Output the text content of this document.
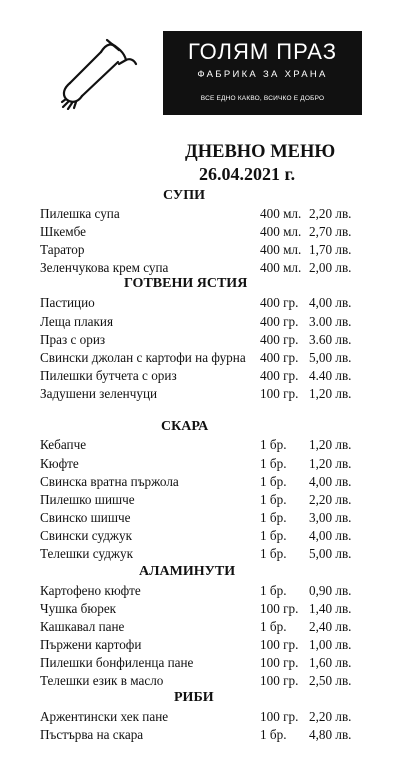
ГОЛЯМ ПРАЗ
ФАБРИКА ЗА ХРАНА
ВСЕ ЕДНО КАКВО, ВСИЧКО Е ДОБРО
ДНЕВНО МЕНЮ
26.04.2021 г.
СУПИ
Пилешка супа	400 мл. 2,20 лв.
Шкембе	400 мл. 2,70 лв.
Таратор	400 мл. 1,70 лв.
Зеленчукова крем супа	400 мл. 2,00 лв.
ГОТВЕНИ ЯСТИЯ
Пастицио	400 гр. 4,00 лв.
Леща плакия	400 гр. 3.00 лв.
Праз с ориз	400 гр. 3.60 лв.
Свински джолан с картофи на фурна 400 гр. 5,00 лв.
Пилешки бутчета с ориз	400 гр. 4.40 лв.
Задушени зеленчуци	100 гр. 1,20 лв.
СКАРА
Кебапче	1 бр. 1,20 лв.
Кюфте	1 бр. 1,20 лв.
Свинска вратна пържола	1 бр. 4,00 лв.
Пилешко шишче	1 бр. 2,20 лв.
Свинско шишче	1 бр. 3,00 лв.
Свински суджук	1 бр. 4,00 лв.
Телешки суджук	1 бр. 5,00 лв.
АЛАМИНУТИ
Картофено кюфте	1 бр. 0,90 лв.
Чушка бюрек	100 гр. 1,40 лв.
Кашкавал пане	1 бр. 2,40 лв.
Пържени картофи	100 гр. 1,00 лв.
Пилешки бонфиленца пане	100 гр. 1,60 лв.
Телешки език в масло	100 гр. 2,50 лв.
РИБИ
Аржентински хек пане	100 гр. 2,20 лв.
Пъстърва на скара	1 бр. 4,80 лв.
